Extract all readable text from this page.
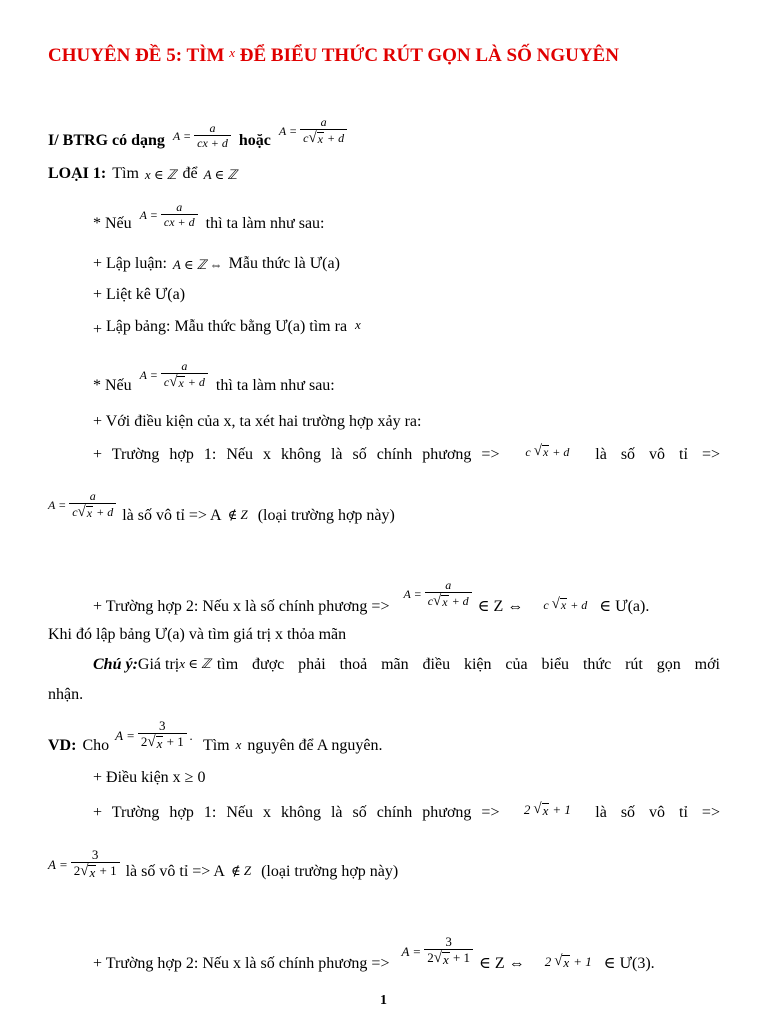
CHUYÊN ĐỀ 5: TÌM $^x$ ĐỂ BIỂU THỨC RÚT GỌN LÀ SỐ NGUYÊN
I/ BTRG có dạng $A = \frac{a}{cx + d}$ hoặc
$A = \frac{a}{c √ x + d}$
LOẠI 1: Tìm x ∈ ℤ để A ∈ ℤ
* Nếu $A = \frac{a}{cx + d}$ thì ta làm như sau:
+ Lập luận: A ∈ ℤ ⇔ Mẫu thức là Ư(a)
+ Liệt kê Ư(a)
+ Lập bảng: Mẫu thức bằng Ư(a) tìm ra x
* Nếu
$A = \frac{a}{c √ x + d}$ thì ta làm như sau:
+ Với điều kiện của x, ta xét hai trường hợp xảy ra:
+ Trường hợp 1: Nếu x không là số chính phương => c √ x + d là số vô tỉ =>
$A = \frac{a}{c √ x + d}$ là số vô tỉ => A ∉ Z (loại trường hợp này)
+ Trường hợp 2: Nếu x là số chính phương =>
$A = \frac{a}{c √ x + d}$ ∈ Z ⇔ c √ x + d ∈ Ư(a).
Khi đó lập bảng Ư(a) và tìm giá trị x thỏa mãn
Chú ý: Giá trị x ∈ ℤ tìm được phải thoả mãn điều kiện của biểu thức rút gọn mới
nhận.
VD: Cho
$A = \frac{3}{2 √ x + 1}$ .
Tìm x nguyên để A nguyên.
+ Điều kiện x ≥ 0
+ Trường hợp 1: Nếu x không là số chính phương => 2 √ x + 1 là số vô tỉ =>
$A = \frac{3}{2 √ x + 1}$ là số vô tỉ => A ∉ Z (loại trường hợp này)
+ Trường hợp 2: Nếu x là số chính phương =>
$A = \frac{3}{2 √ x + 1}$ ∈ Z ⇔ 2 √ x + 1 ∈ Ư(3).
1
